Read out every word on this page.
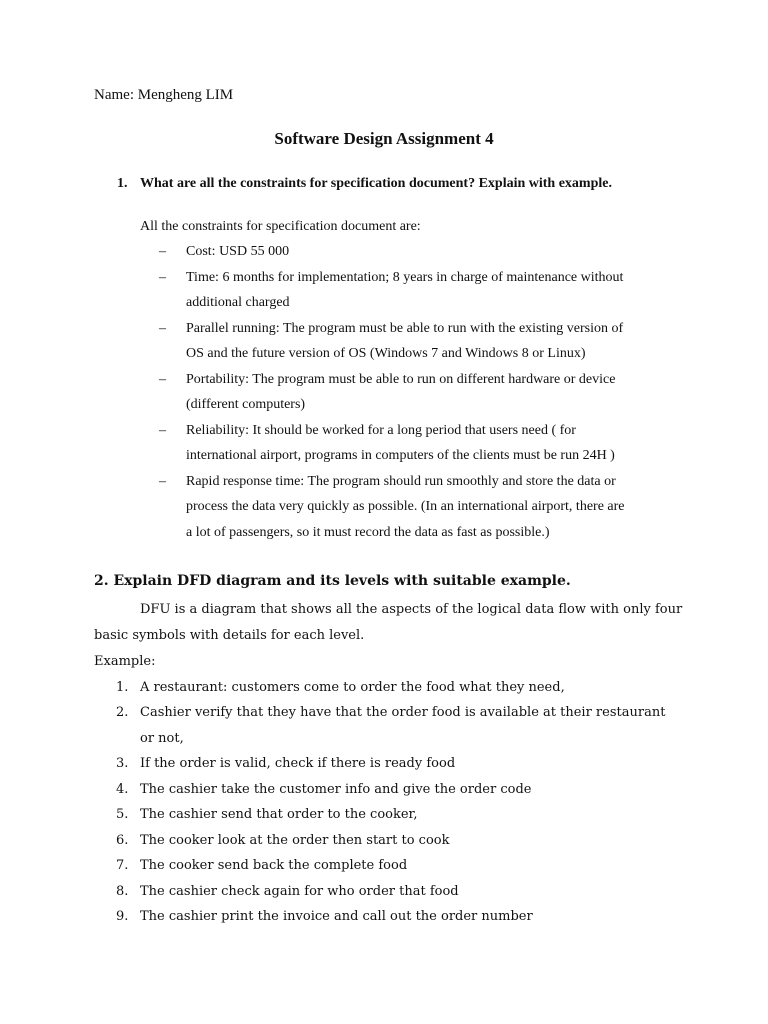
Name: Mengheng LIM
Software Design Assignment 4
1. What are all the constraints for specification document? Explain with example.
All the constraints for specification document are:
– Cost: USD 55 000
– Time: 6 months for implementation; 8 years in charge of maintenance without
additional charged
– Parallel running: The program must be able to run with the existing version of
OS and the future version of OS (Windows 7 and Windows 8 or Linux)
– Portability: The program must be able to run on different hardware or device
(different computers)
– Reliability: It should be worked for a long period that users need ( for
international airport, programs in computers of the clients must be run 24H )
– Rapid response time: The program should run smoothly and store the data or
process the data very quickly as possible. (In an international airport, there are
a lot of passengers, so it must record the data as fast as possible.)
2. Explain DFD diagram and its levels with suitable example.
DFU is a diagram that shows all the aspects of the logical data flow with only four
basic symbols with details for each level.
Example:
1. A restaurant: customers come to order the food what they need,
2. Cashier verify that they have that the order food is available at their restaurant
or not,
3. If the order is valid, check if there is ready food
4. The cashier take the customer info and give the order code
5. The cashier send that order to the cooker,
6. The cooker look at the order then start to cook
7. The cooker send back the complete food
8. The cashier check again for who order that food
9. The cashier print the invoice and call out the order number
